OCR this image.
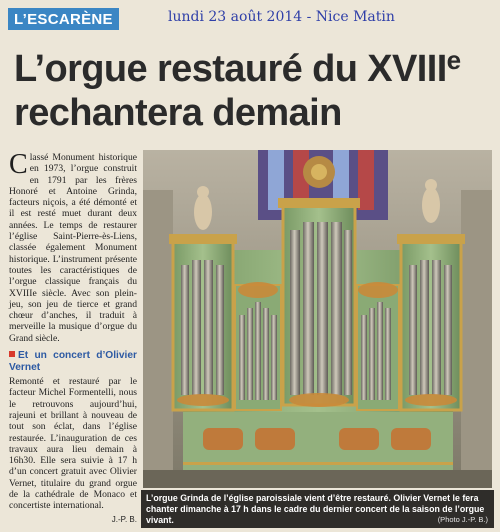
L’ESCARÈNE	lundi 23 août 2014 - Nice Matin
L’orgue restauré du XVIIIe
rechantera demain

Classé Monument historique en 1973, l’orgue construit en 1791 par les frères Honoré et Antoine Grinda, facteurs niçois, a été démonté et il est resté muet durant deux années. Le temps de restaurer l’église Saint-Pierre-ès-Liens, classée également Monument historique. L’instrument présente toutes les caractéristiques de l’orgue classique français du XVIIIe siècle. Avec son plein-jeu, son jeu de tierce et grand chœur d’anches, il traduit à merveille la musique d’orgue du Grand siècle.

Et un concert d’Olivier Vernet

Remonté et restauré par le facteur Michel Formentelli, nous le retrouvons aujourd’hui, rajeuni et brillant à nouveau de tout son éclat, dans l’église restaurée. L’inauguration de ces travaux aura lieu demain à 16h30. Elle sera suivie à 17 h d’un concert gratuit avec Olivier Vernet, titulaire du grand orgue de la cathédrale de Monaco et concertiste international.

J.-P. B.
L’orgue Grinda de l’église paroissiale vient d’être restauré. Olivier Vernet le fera chanter dimanche à 17 h dans le cadre du dernier concert de la saison de l’orgue vivant.	(Photo J.-P. B.)
